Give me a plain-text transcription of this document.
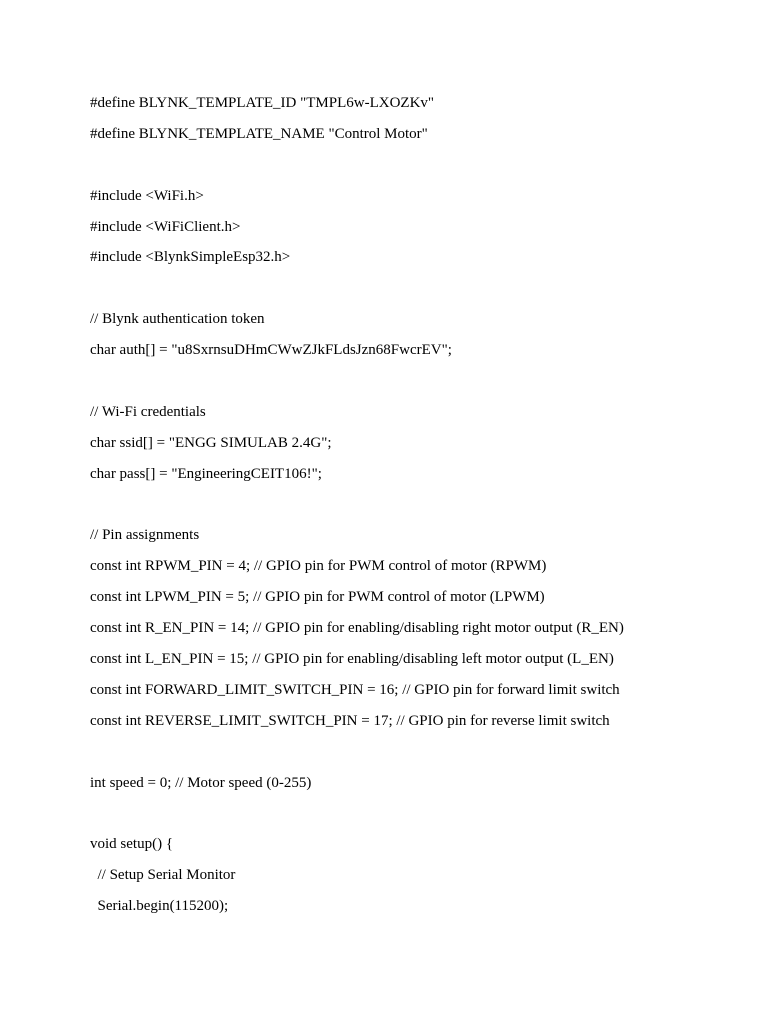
#define BLYNK_TEMPLATE_ID "TMPL6w-LXOZKv"
#define BLYNK_TEMPLATE_NAME "Control Motor"
#include <WiFi.h>
#include <WiFiClient.h>
#include <BlynkSimpleEsp32.h>
// Blynk authentication token
char auth[] = "u8SxrnsuDHmCWwZJkFLdsJzn68FwcrEV";
// Wi-Fi credentials
char ssid[] = "ENGG SIMULAB 2.4G";
char pass[] = "EngineeringCEIT106!";
// Pin assignments
const int RPWM_PIN = 4; // GPIO pin for PWM control of motor (RPWM)
const int LPWM_PIN = 5; // GPIO pin for PWM control of motor (LPWM)
const int R_EN_PIN = 14; // GPIO pin for enabling/disabling right motor output (R_EN)
const int L_EN_PIN = 15; // GPIO pin for enabling/disabling left motor output (L_EN)
const int FORWARD_LIMIT_SWITCH_PIN = 16; // GPIO pin for forward limit switch
const int REVERSE_LIMIT_SWITCH_PIN = 17; // GPIO pin for reverse limit switch
int speed = 0; // Motor speed (0-255)
void setup() {
// Setup Serial Monitor
Serial.begin(115200);
